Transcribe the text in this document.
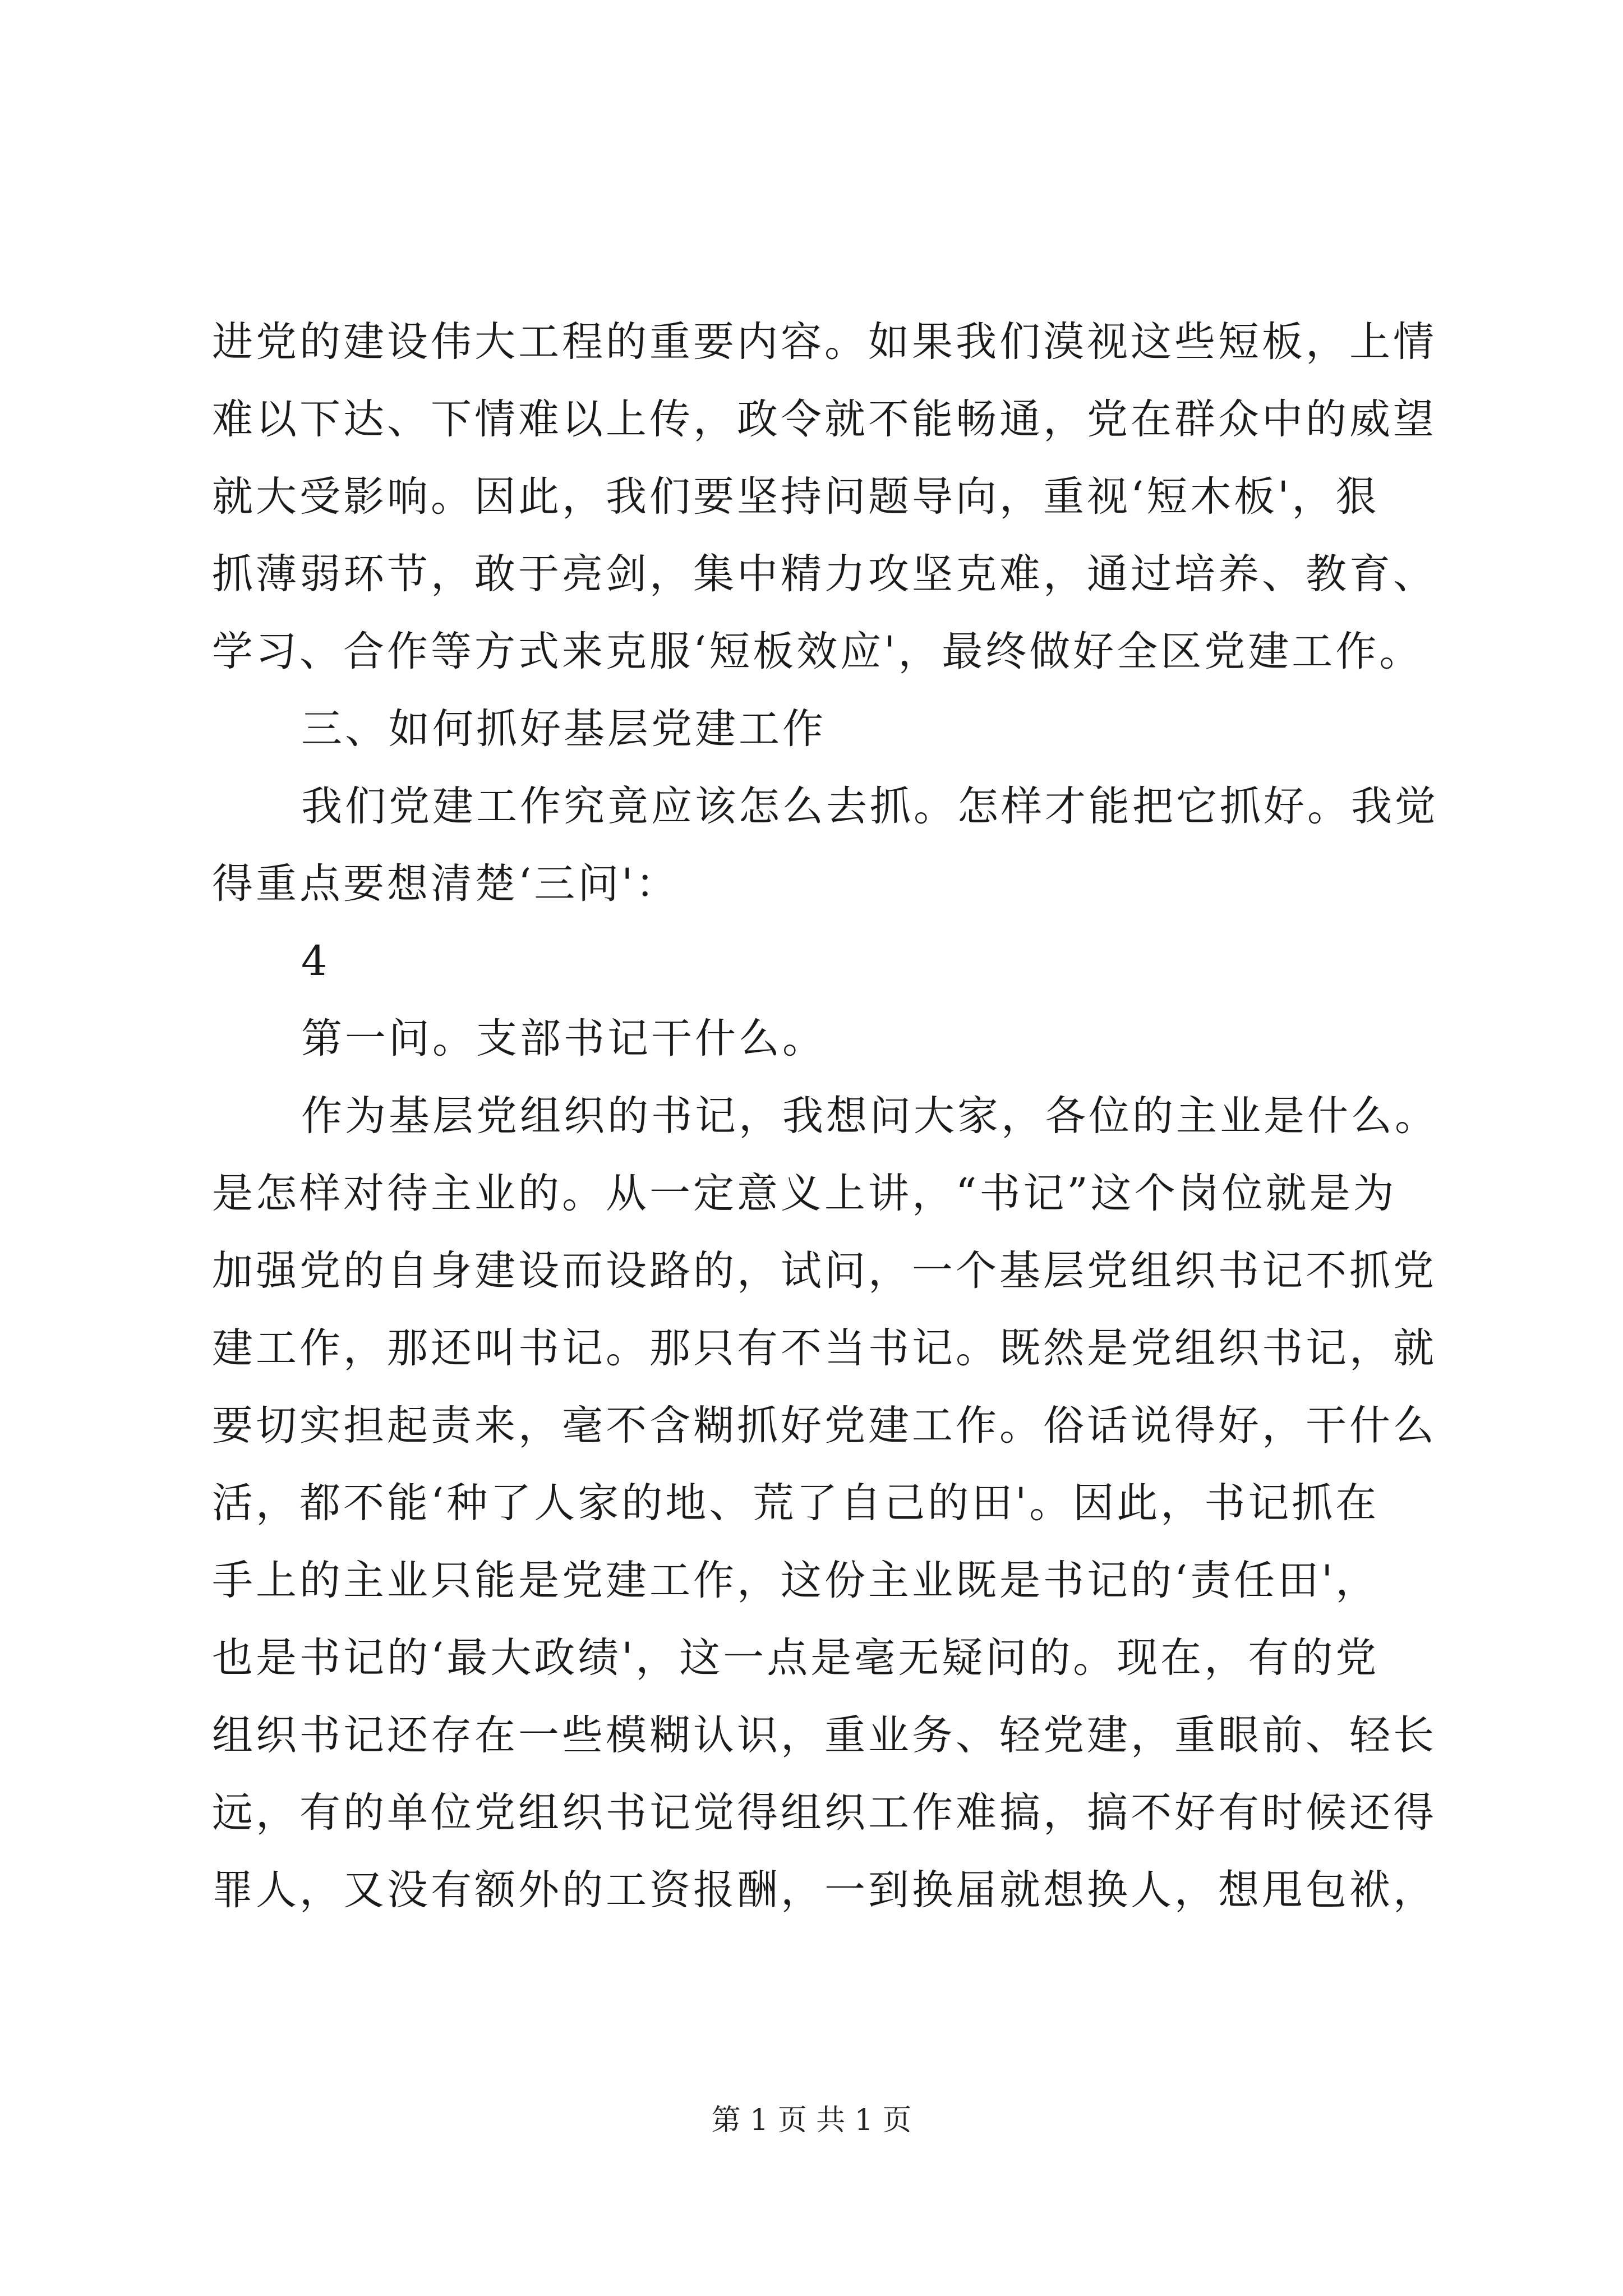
进党的建设伟大工程的重要内容。如果我们漠视这些短板，上情
难以下达、下情难以上传，政令就不能畅通，党在群众中的威望
就大受影响。因此，我们要坚持问题导向，重视‘短木板'，狠
抓薄弱环节，敢于亮剑，集中精力攻坚克难，通过培养、教育、
学习、合作等方式来克服‘短板效应'，最终做好全区党建工作。
三、如何抓好基层党建工作
我们党建工作究竟应该怎么去抓。怎样才能把它抓好。我觉
得重点要想清楚‘三问'：
4
第一问。支部书记干什么。
作为基层党组织的书记，我想问大家，各位的主业是什么。
是怎样对待主业的。从一定意义上讲，“书记”这个岗位就是为
加强党的自身建设而设路的，试问，一个基层党组织书记不抓党
建工作，那还叫书记。那只有不当书记。既然是党组织书记，就
要切实担起责来，毫不含糊抓好党建工作。俗话说得好，干什么
活，都不能‘种了人家的地、荒了自己的田'。因此，书记抓在
手上的主业只能是党建工作，这份主业既是书记的‘责任田'，
也是书记的‘最大政绩'，这一点是毫无疑问的。现在，有的党
组织书记还存在一些模糊认识，重业务、轻党建，重眼前、轻长
远，有的单位党组织书记觉得组织工作难搞，搞不好有时候还得
罪人，又没有额外的工资报酬，一到换届就想换人，想甩包袱，
第 1 页 共 1 页
